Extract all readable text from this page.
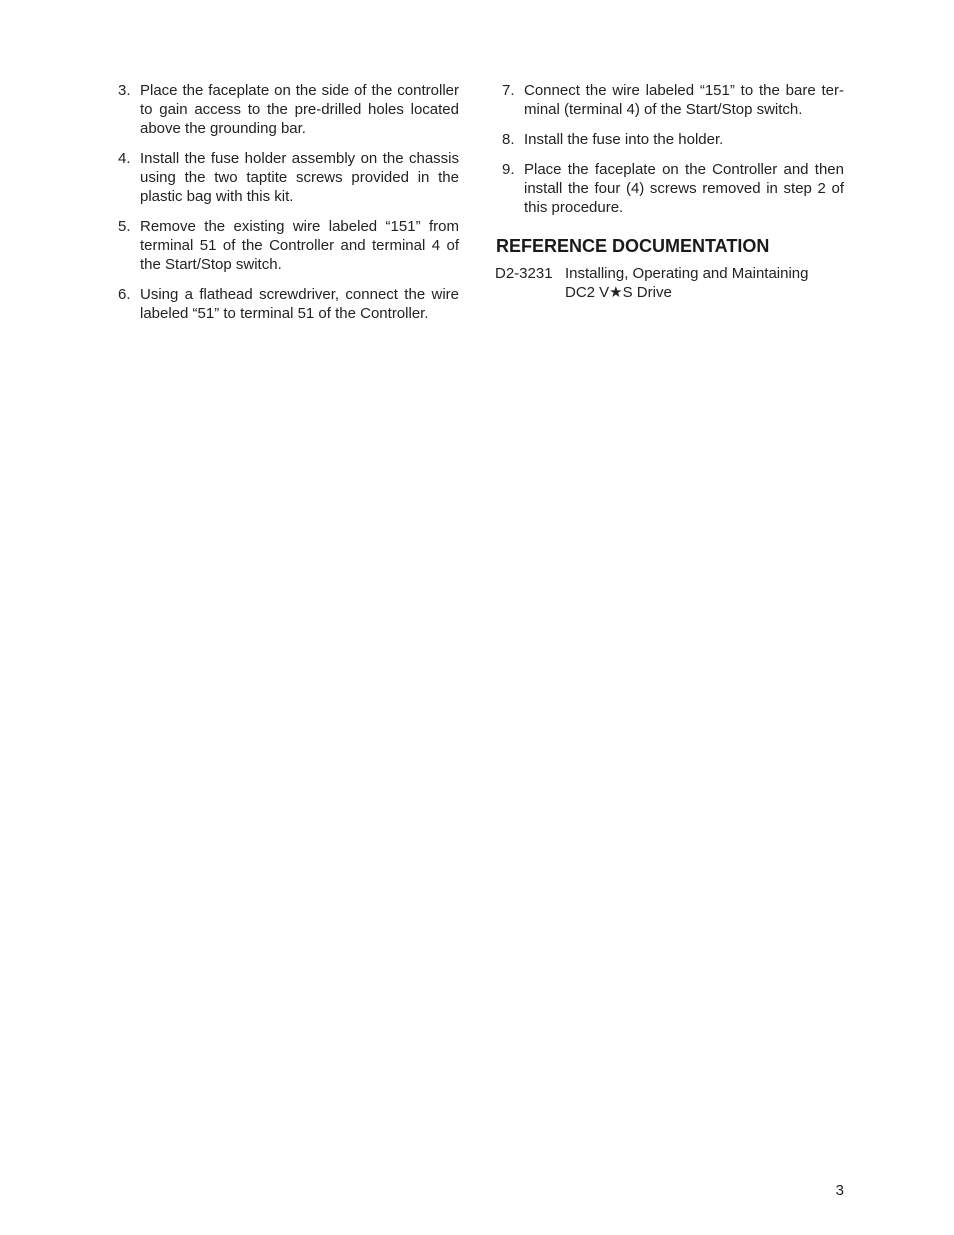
3. Place the faceplate on the side of the controller to gain access to the pre-drilled holes located above the grounding bar.
4. Install the fuse holder assembly on the chassis using the two taptite screws provided in the plastic bag with this kit.
5. Remove the existing wire labeled “151” from terminal 51 of the Controller and terminal 4 of the Start/Stop switch.
6. Using a flathead screwdriver, connect the wire labeled “51” to terminal 51 of the Controller.
7. Connect the wire labeled “151” to the bare ter-minal (terminal 4) of the Start/Stop switch.
8. Install the fuse into the holder.
9. Place the faceplate on the Controller and then install the four (4) screws removed in step 2 of this procedure.
REFERENCE DOCUMENTATION
D2-3231 Installing, Operating and Maintaining
DC2 V★S Drive
3
